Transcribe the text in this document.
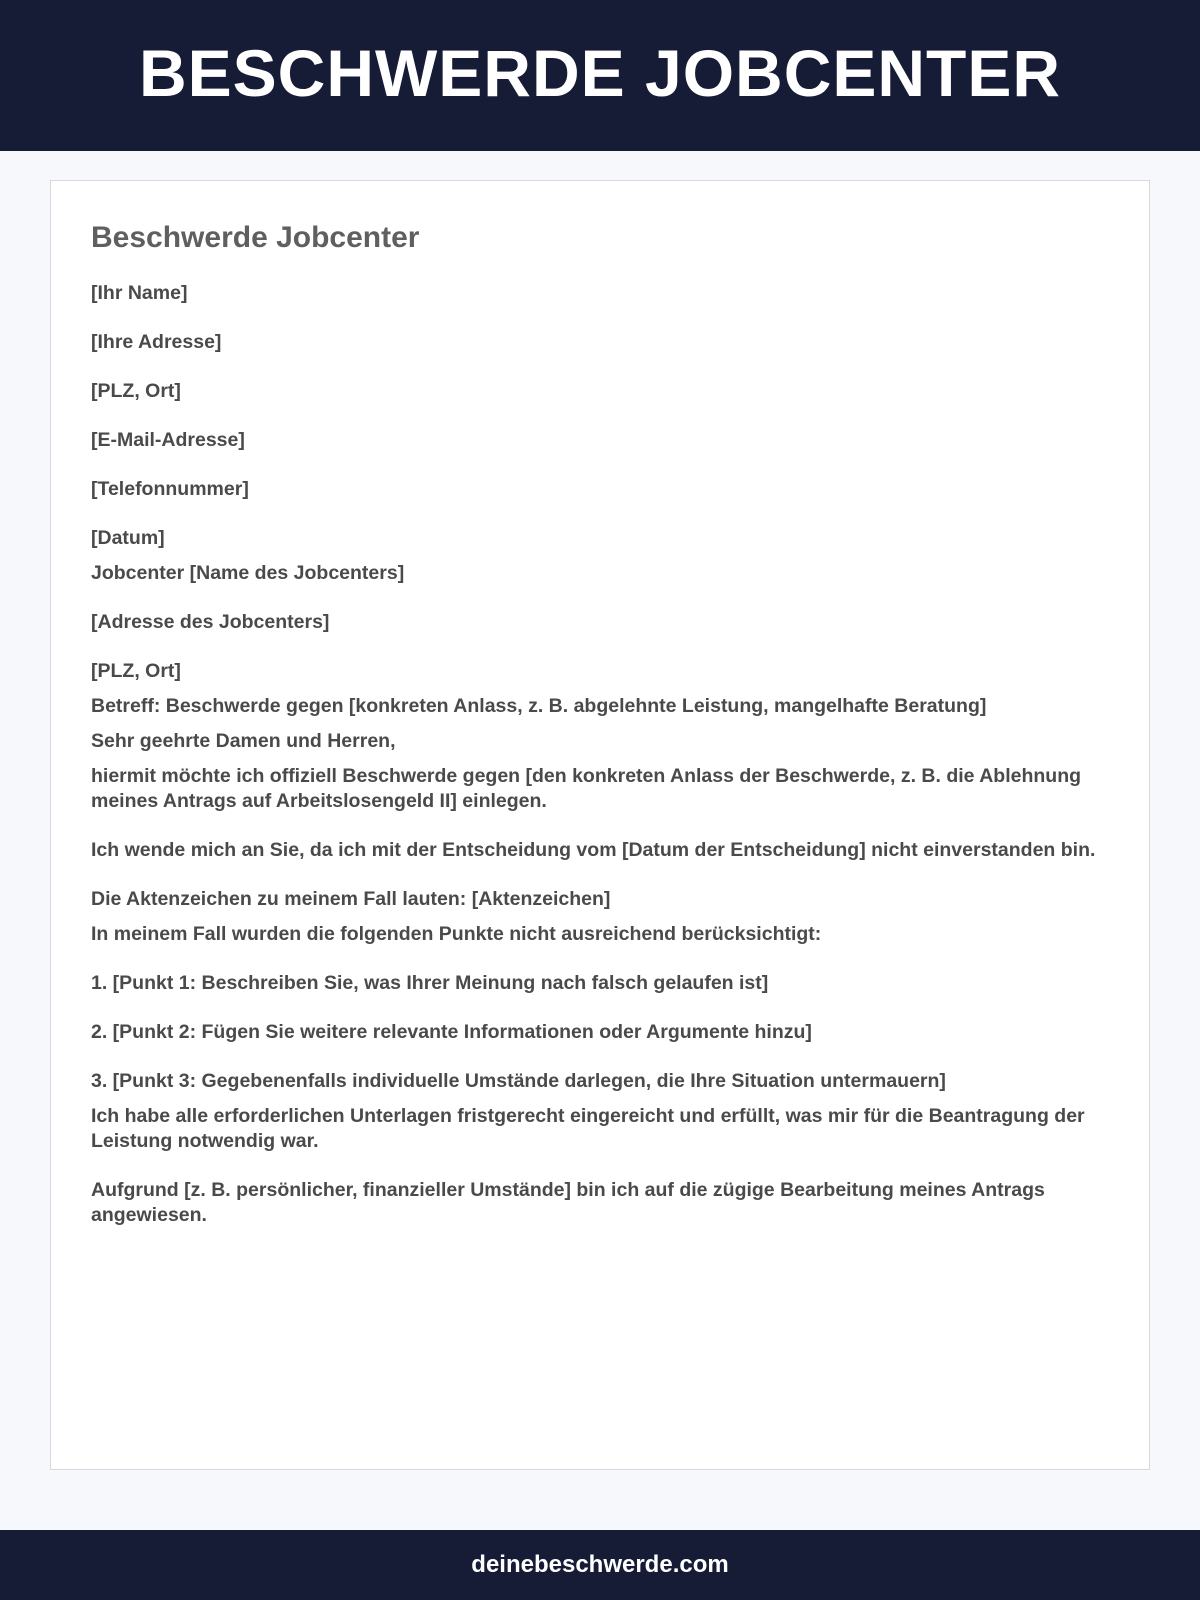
BESCHWERDE JOBCENTER
Beschwerde Jobcenter

[Ihr Name]

[Ihre Adresse]

[PLZ, Ort]

[E-Mail-Adresse]

[Telefonnummer]

[Datum]

Jobcenter [Name des Jobcenters]

[Adresse des Jobcenters]

[PLZ, Ort]

Betreff: Beschwerde gegen [konkreten Anlass, z. B. abgelehnte Leistung, mangelhafte Beratung]

Sehr geehrte Damen und Herren,

hiermit möchte ich offiziell Beschwerde gegen [den konkreten Anlass der Beschwerde, z. B. die Ablehnung meines Antrags auf Arbeitslosengeld II] einlegen.

Ich wende mich an Sie, da ich mit der Entscheidung vom [Datum der Entscheidung] nicht einverstanden bin.

Die Aktenzeichen zu meinem Fall lauten: [Aktenzeichen]

In meinem Fall wurden die folgenden Punkte nicht ausreichend berücksichtigt:

1. [Punkt 1: Beschreiben Sie, was Ihrer Meinung nach falsch gelaufen ist]

2. [Punkt 2: Fügen Sie weitere relevante Informationen oder Argumente hinzu]

3. [Punkt 3: Gegebenenfalls individuelle Umstände darlegen, die Ihre Situation untermauern]

Ich habe alle erforderlichen Unterlagen fristgerecht eingereicht und erfüllt, was mir für die Beantragung der Leistung notwendig war.

Aufgrund [z. B. persönlicher, finanzieller Umstände] bin ich auf die zügige Bearbeitung meines Antrags angewiesen.

deinebeschwerde.com
